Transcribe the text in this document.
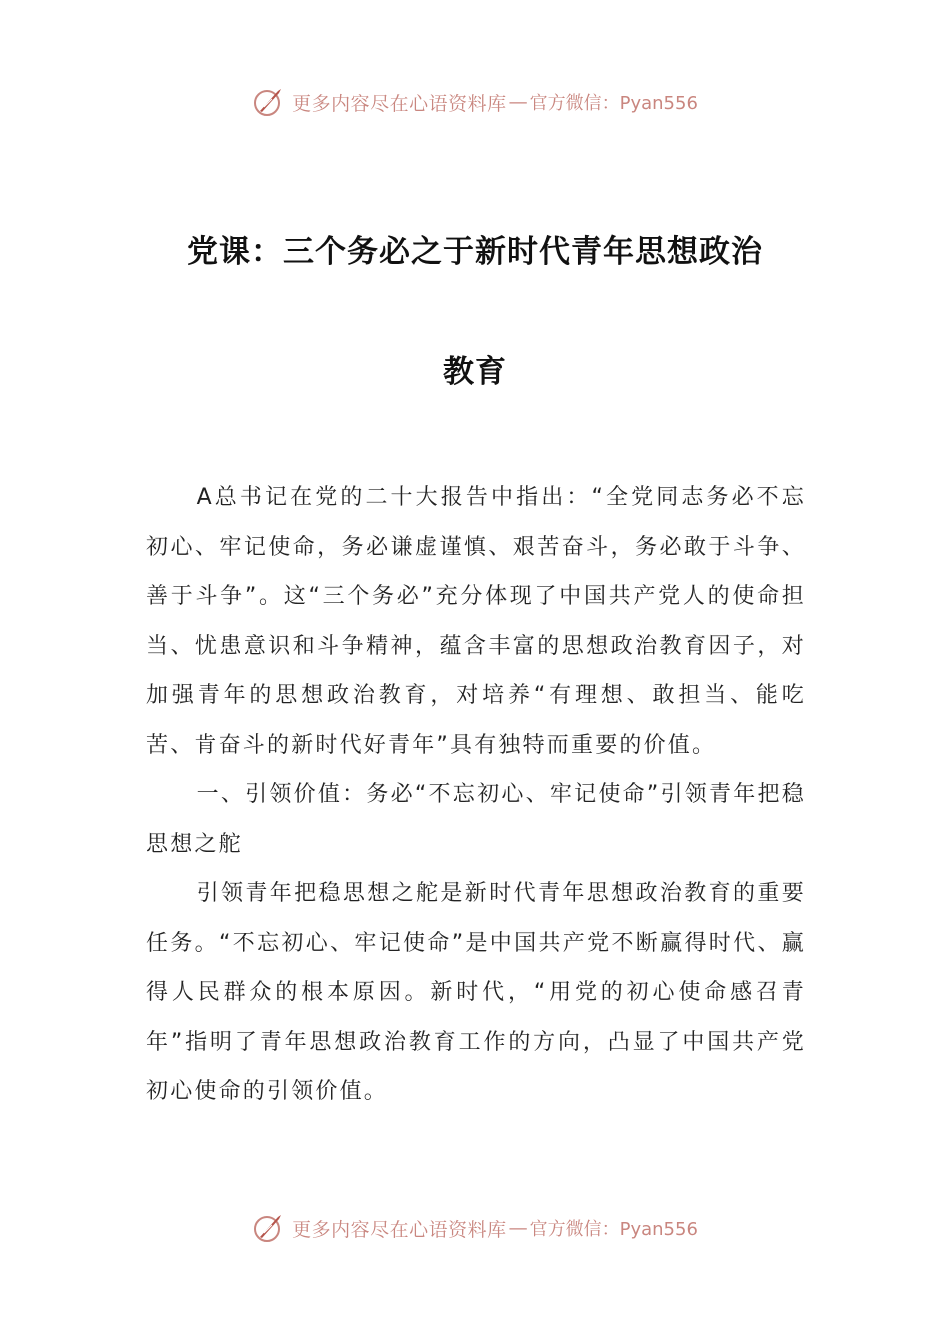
更多内容尽在心语资料库 — 官方微信：Pyan556
党课：三个务必之于新时代青年思想政治
教育

A总书记在党的二十大报告中指出：“全党同志务必不忘初心、牢记使命，务必谦虚谨慎、艰苦奋斗，务必敢于斗争、善于斗争”。这“三个务必”充分体现了中国共产党人的使命担当、忧患意识和斗争精神，蕴含丰富的思想政治教育因子，对加强青年的思想政治教育，对培养“有理想、敢担当、能吃苦、肯奋斗的新时代好青年”具有独特而重要的价值。

一、引领价值：务必“不忘初心、牢记使命”引领青年把稳思想之舵

引领青年把稳思想之舵是新时代青年思想政治教育的重要任务。“不忘初心、牢记使命”是中国共产党不断赢得时代、赢得人民群众的根本原因。新时代，“用党的初心使命感召青年”指明了青年思想政治教育工作的方向，凸显了中国共产党初心使命的引领价值。

更多内容尽在心语资料库 — 官方微信：Pyan556
